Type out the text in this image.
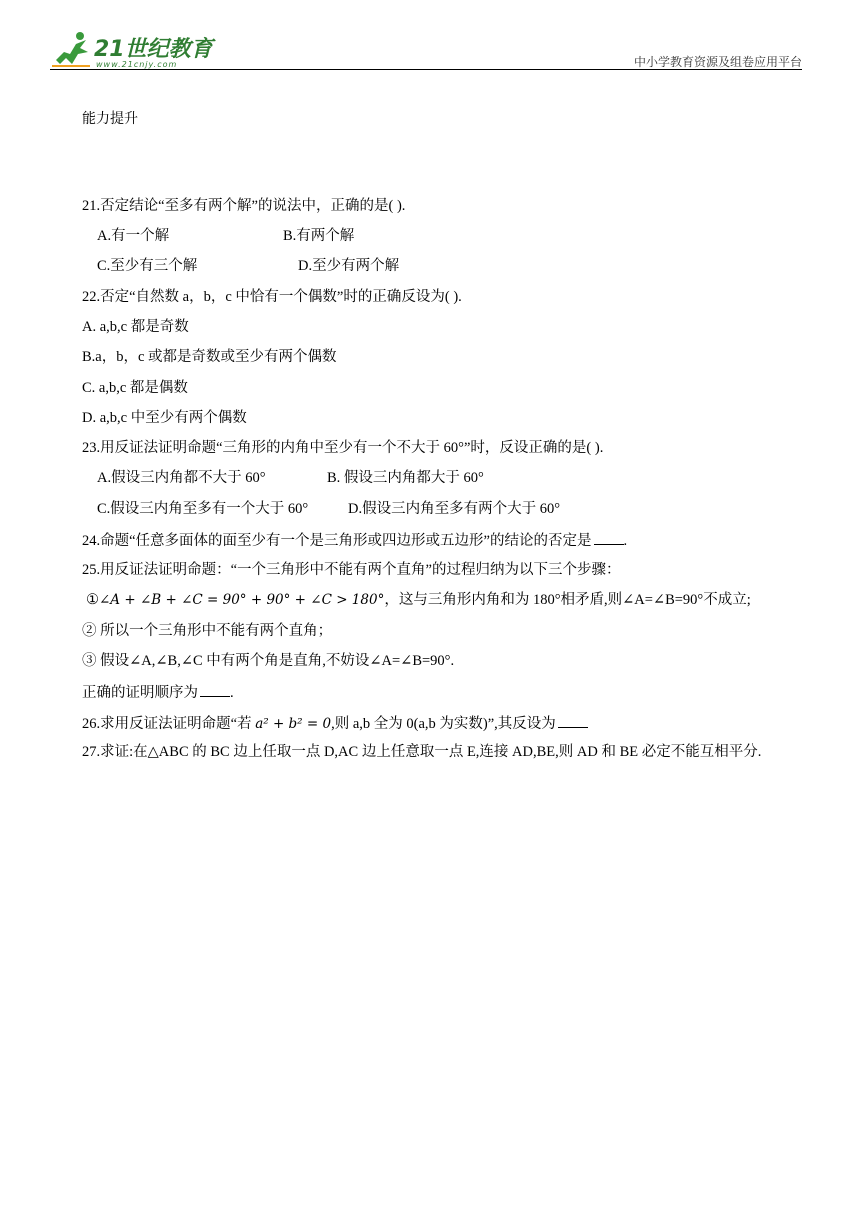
21世纪教育
www.21cnjy.com	中小学教育资源及组卷应用平台
能力提升
21.否定结论“至多有两个解”的说法中，正确的是( ).
A.有一个解	B.有两个解
C.至少有三个解	D.至少有两个解
22.否定“自然数 a，b，c 中恰有一个偶数”时的正确反设为( ).
A. a,b,c 都是奇数
B.a，b，c 或都是奇数或至少有两个偶数
C. a,b,c 都是偶数
D. a,b,c 中至少有两个偶数
23.用反证法证明命题“三角形的内角中至少有一个不大于 60°”时，反设正确的是( ).
A.假设三内角都不大于 60°	B. 假设三内角都大于 60°
C.假设三内角至多有一个大于 60°	D.假设三内角至多有两个大于 60°
24.命题“任意多面体的面至少有一个是三角形或四边形或五边形”的结论的否定是 .
25.用反证法证明命题：“一个三角形中不能有两个直角”的过程归纳为以下三个步骤：
①∠A + ∠B + ∠C = 90° + 90° + ∠C > 180°，这与三角形内角和为 180°相矛盾,则∠A=∠B=90°不成立;
② 所以一个三角形中不能有两个直角；
③ 假设∠A,∠B,∠C 中有两个角是直角,不妨设∠A=∠B=90°.
正确的证明顺序为 .
26.求用反证法证明命题“若 a² + b² = 0,则 a,b 全为 0(a,b 为实数)”,其反设为
27.求证:在△ABC 的 BC 边上任取一点 D,AC 边上任意取一点 E,连接 AD,BE,则 AD 和 BE 必定不能互相平分.
